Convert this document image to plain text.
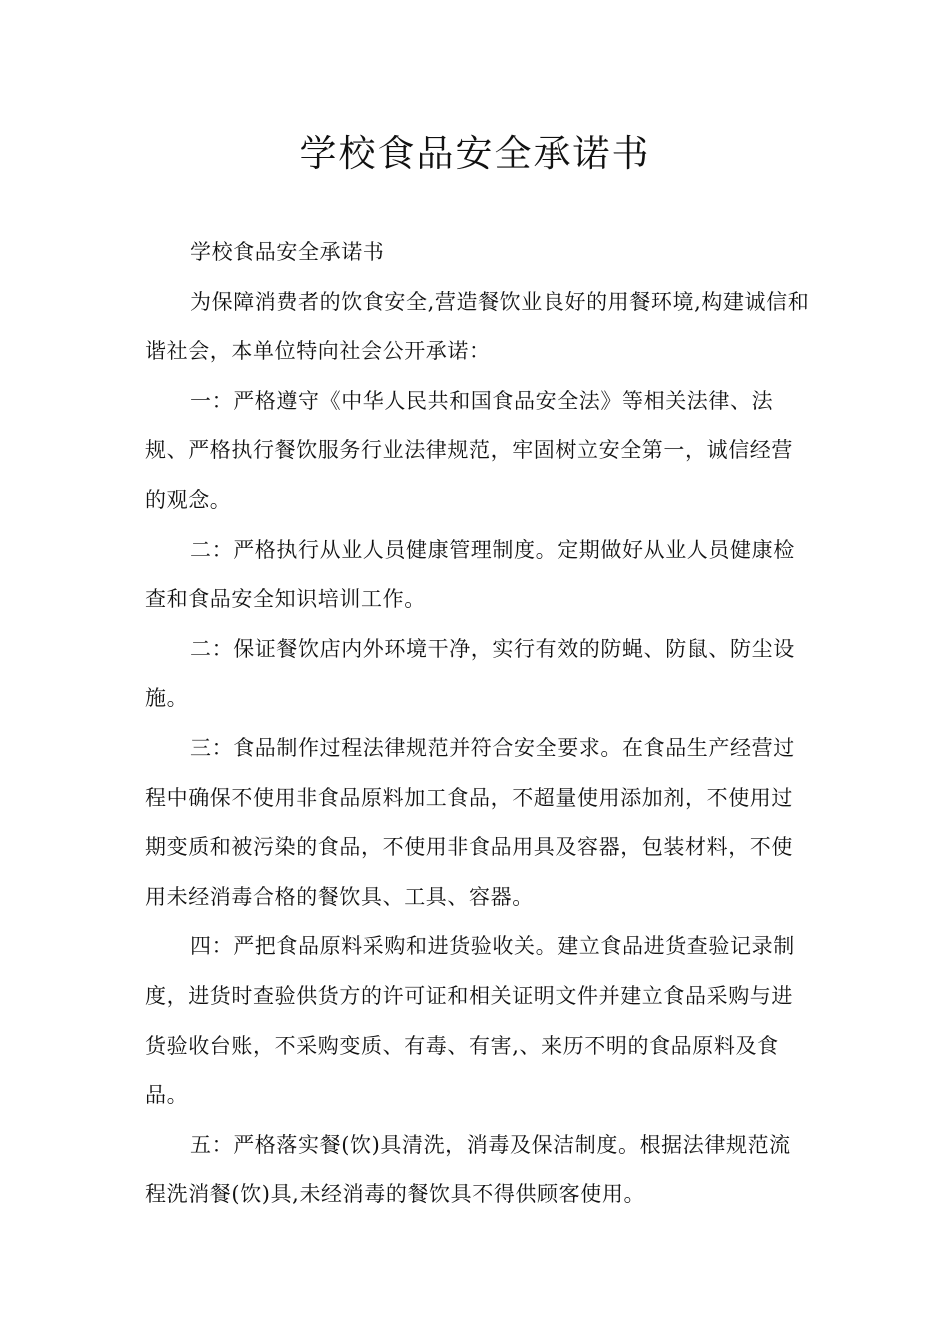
学校食品安全承诺书

学校食品安全承诺书

为保障消费者的饮食安全,营造餐饮业良好的用餐环境,构建诚信和谐社会，本单位特向社会公开承诺：

一：严格遵守《中华人民共和国食品安全法》等相关法律、法规、严格执行餐饮服务行业法律规范，牢固树立安全第一，诚信经营的观念。

二：严格执行从业人员健康管理制度。定期做好从业人员健康检查和食品安全知识培训工作。

二：保证餐饮店内外环境干净，实行有效的防蝇、防鼠、防尘设施。

三：食品制作过程法律规范并符合安全要求。在食品生产经营过程中确保不使用非食品原料加工食品，不超量使用添加剂，不使用过期变质和被污染的食品，不使用非食品用具及容器，包装材料，不使用未经消毒合格的餐饮具、工具、容器。

四：严把食品原料采购和进货验收关。建立食品进货查验记录制度，进货时查验供货方的许可证和相关证明文件并建立食品采购与进货验收台账，不采购变质、有毒、有害,、来历不明的食品原料及食品。

五：严格落实餐(饮)具清洗，消毒及保洁制度。根据法律规范流程洗消餐(饮)具,未经消毒的餐饮具不得供顾客使用。
